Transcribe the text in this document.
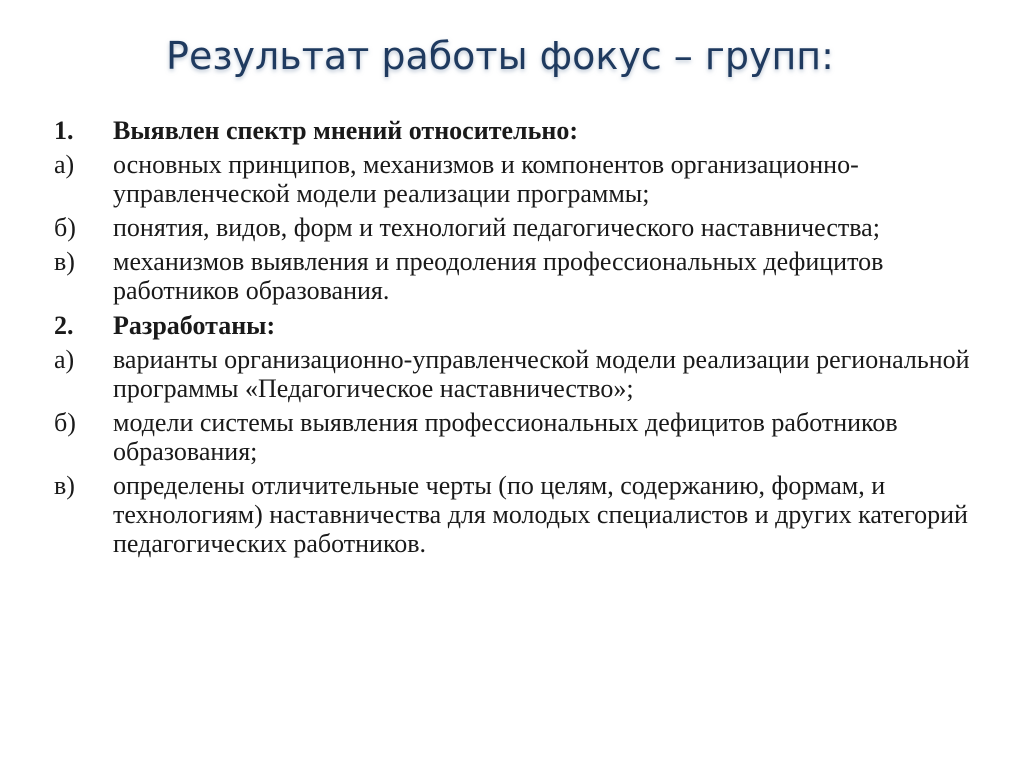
Результат работы фокус – групп:
1.	Выявлен спектр мнений относительно:
а)	основных принципов, механизмов и компонентов организационно-управленческой модели реализации программы;
б)	понятия, видов, форм и технологий педагогического наставничества;
в)	механизмов выявления и преодоления профессиональных дефицитов работников образования.
2.	Разработаны:
а)	варианты организационно-управленческой модели реализации региональной программы «Педагогическое наставничество»;
б)	модели системы выявления профессиональных дефицитов работников образования;
в)	определены отличительные черты (по целям, содержанию, формам, и технологиям) наставничества для молодых специалистов и других категорий педагогических работников.
